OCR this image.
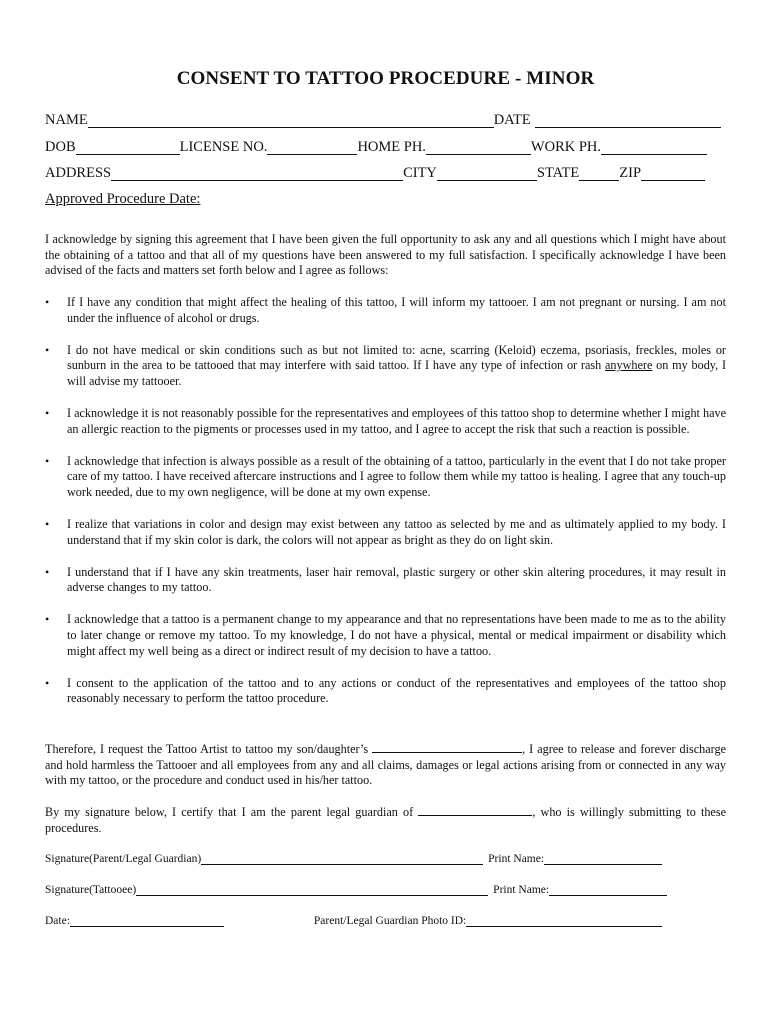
CONSENT TO TATTOO PROCEDURE - MINOR
NAME	DATE
DOB	LICENSE NO.	HOME PH.	WORK PH.
ADDRESS	CITY	STATE	ZIP
Approved Procedure Date:

I acknowledge by signing this agreement that I have been given the full opportunity to ask any and all questions which I might have about the obtaining of a tattoo and that all of my questions have been answered to my full satisfaction. I specifically acknowledge I have been advised of the facts and matters set forth below and I agree as follows:

• If I have any condition that might affect the healing of this tattoo, I will inform my tattooer. I am not pregnant or nursing. I am not under the influence of alcohol or drugs.
• I do not have medical or skin conditions such as but not limited to: acne, scarring (Keloid) eczema, psoriasis, freckles, moles or sunburn in the area to be tattooed that may interfere with said tattoo. If I have any type of infection or rash anywhere on my body, I will advise my tattooer.
• I acknowledge it is not reasonably possible for the representatives and employees of this tattoo shop to determine whether I might have an allergic reaction to the pigments or processes used in my tattoo, and I agree to accept the risk that such a reaction is possible.
• I acknowledge that infection is always possible as a result of the obtaining of a tattoo, particularly in the event that I do not take proper care of my tattoo. I have received aftercare instructions and I agree to follow them while my tattoo is healing. I agree that any touch-up work needed, due to my own negligence, will be done at my own expense.
• I realize that variations in color and design may exist between any tattoo as selected by me and as ultimately applied to my body. I understand that if my skin color is dark, the colors will not appear as bright as they do on light skin.
• I understand that if I have any skin treatments, laser hair removal, plastic surgery or other skin altering procedures, it may result in adverse changes to my tattoo.
• I acknowledge that a tattoo is a permanent change to my appearance and that no representations have been made to me as to the ability to later change or remove my tattoo. To my knowledge, I do not have a physical, mental or medical impairment or disability which might affect my well being as a direct or indirect result of my decision to have a tattoo.
• I consent to the application of the tattoo and to any actions or conduct of the representatives and employees of the tattoo shop reasonably necessary to perform the tattoo procedure.

Therefore, I request the Tattoo Artist to tattoo my son/daughter’s	, I agree to release and forever discharge and hold harmless the Tattooer and all employees from any and all claims, damages or legal actions arising from or connected in any way with my tattoo, or the procedure and conduct used in his/her tattoo.

By my signature below, I certify that I am the parent legal guardian of	, who is willingly submitting to these procedures.

Signature(Parent/Legal Guardian)	Print Name:
Signature(Tattooee)	Print Name:
Date:	Parent/Legal Guardian Photo ID:
